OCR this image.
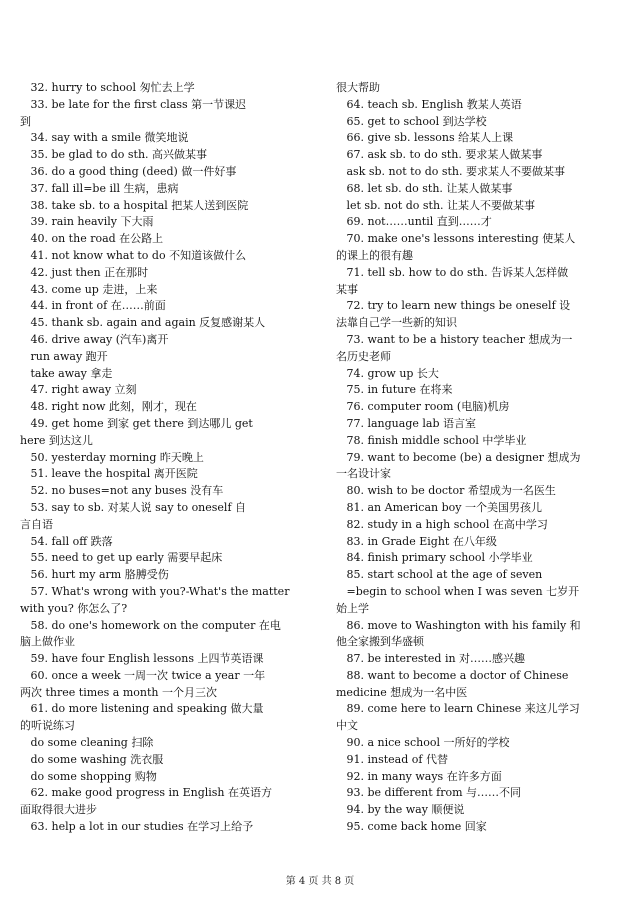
32. hurry to school 匆忙去上学
33. be late for the first class 第一节课迟
到
34. say with a smile 微笑地说
35. be glad to do sth. 高兴做某事
36. do a good thing (deed) 做一件好事
37. fall ill=be ill 生病，患病
38. take sb. to a hospital 把某人送到医院
39. rain heavily 下大雨
40. on the road 在公路上
41. not know what to do 不知道该做什么
42. just then 正在那时
43. come up 走进，上来
44. in front of 在……前面
45. thank sb. again and again 反复感谢某人
46. drive away (汽车)离开
run away 跑开
take away 拿走
47. right away 立刻
48. right now 此刻，刚才，现在
49. get home 到家 get there 到达哪儿 get
here 到达这儿
50. yesterday morning 昨天晚上
51. leave the hospital 离开医院
52. no buses=not any buses 没有车
53. say to sb. 对某人说 say to oneself 自
言自语
54. fall off 跌落
55. need to get up early 需要早起床
56. hurt my arm 胳膊受伤
57. What's wrong with you?-What's the matter
with you? 你怎么了?
58. do one's homework on the computer 在电
脑上做作业
59. have four English lessons 上四节英语课
60. once a week 一周一次 twice a year 一年
两次 three times a month 一个月三次
61. do more listening and speaking 做大量
的听说练习
do some cleaning 扫除
do some washing 洗衣服
do some shopping 购物
62. make good progress in English 在英语方
面取得很大进步
63. help a lot in our studies 在学习上给予
很大帮助
64. teach sb. English 教某人英语
65. get to school 到达学校
66. give sb. lessons 给某人上课
67. ask sb. to do sth. 要求某人做某事
ask sb. not to do sth. 要求某人不要做某事
68. let sb. do sth. 让某人做某事
let sb. not do sth. 让某人不要做某事
69. not……until 直到……才
70. make one's lessons interesting 使某人
的课上的很有趣
71. tell sb. how to do sth. 告诉某人怎样做
某事
72. try to learn new things be oneself 设
法靠自己学一些新的知识
73. want to be a history teacher 想成为一
名历史老师
74. grow up 长大
75. in future 在将来
76. computer room (电脑)机房
77. language lab 语言室
78. finish middle school 中学毕业
79. want to become (be) a designer 想成为
一名设计家
80. wish to be doctor 希望成为一名医生
81. an American boy 一个美国男孩儿
82. study in a high school 在高中学习
83. in Grade Eight 在八年级
84. finish primary school 小学毕业
85. start school at the age of seven
=begin to school when I was seven 七岁开
始上学
86. move to Washington with his family 和
他全家搬到华盛顿
87. be interested in 对……感兴趣
88. want to become a doctor of Chinese
medicine 想成为一名中医
89. come here to learn Chinese 来这儿学习
中文
90. a nice school 一所好的学校
91. instead of 代替
92. in many ways 在许多方面
93. be different from 与……不同
94. by the way 顺便说
95. come back home 回家
第 4 页 共 8 页
